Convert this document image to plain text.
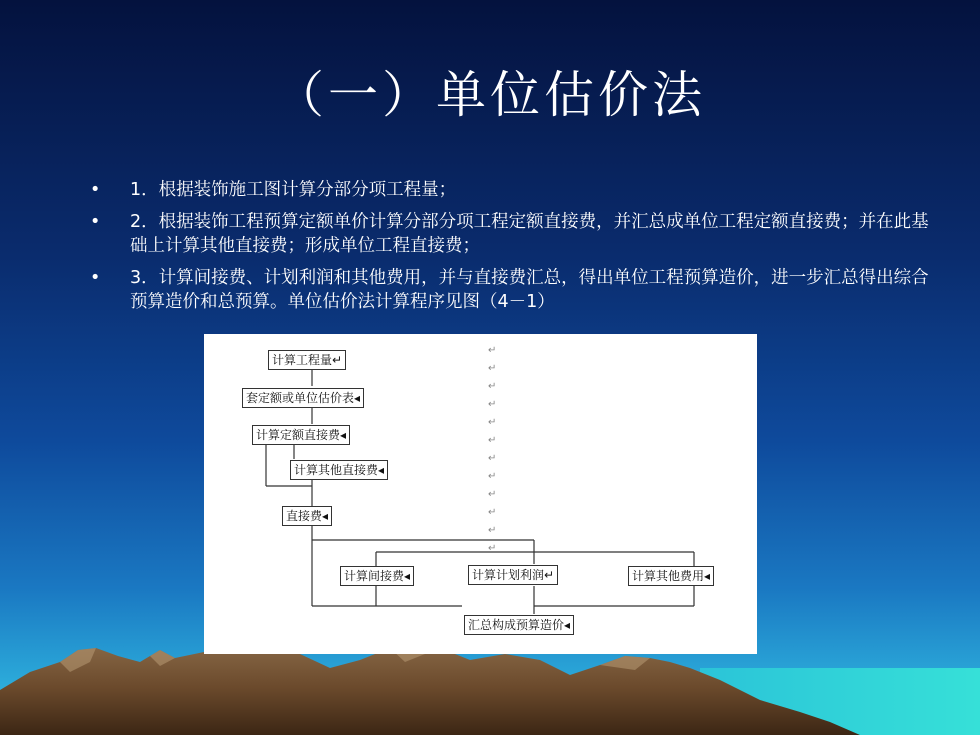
（一）单位估价法
•	1．根据装饰施工图计算分部分项工程量；
•	2．根据装饰工程预算定额单价计算分部分项工程定额直接费，并汇总成单位工程定额直接费；并在此基础上计算其他直接费；形成单位工程直接费；
•	3．计算间接费、计划利润和其他费用，并与直接费汇总，得出单位工程预算造价，进一步汇总得出综合预算造价和总预算。单位估价法计算程序见图（4－1）
计算工程量↵
套定额或单位估价表◂
计算定额直接费◂
计算其他直接费◂
直接费◂
计算间接费◂	计算计划利润↵	计算其他费用◂
汇总构成预算造价◂
↵
↵
↵
↵
↵
↵
↵
↵
↵
↵
↵
↵
